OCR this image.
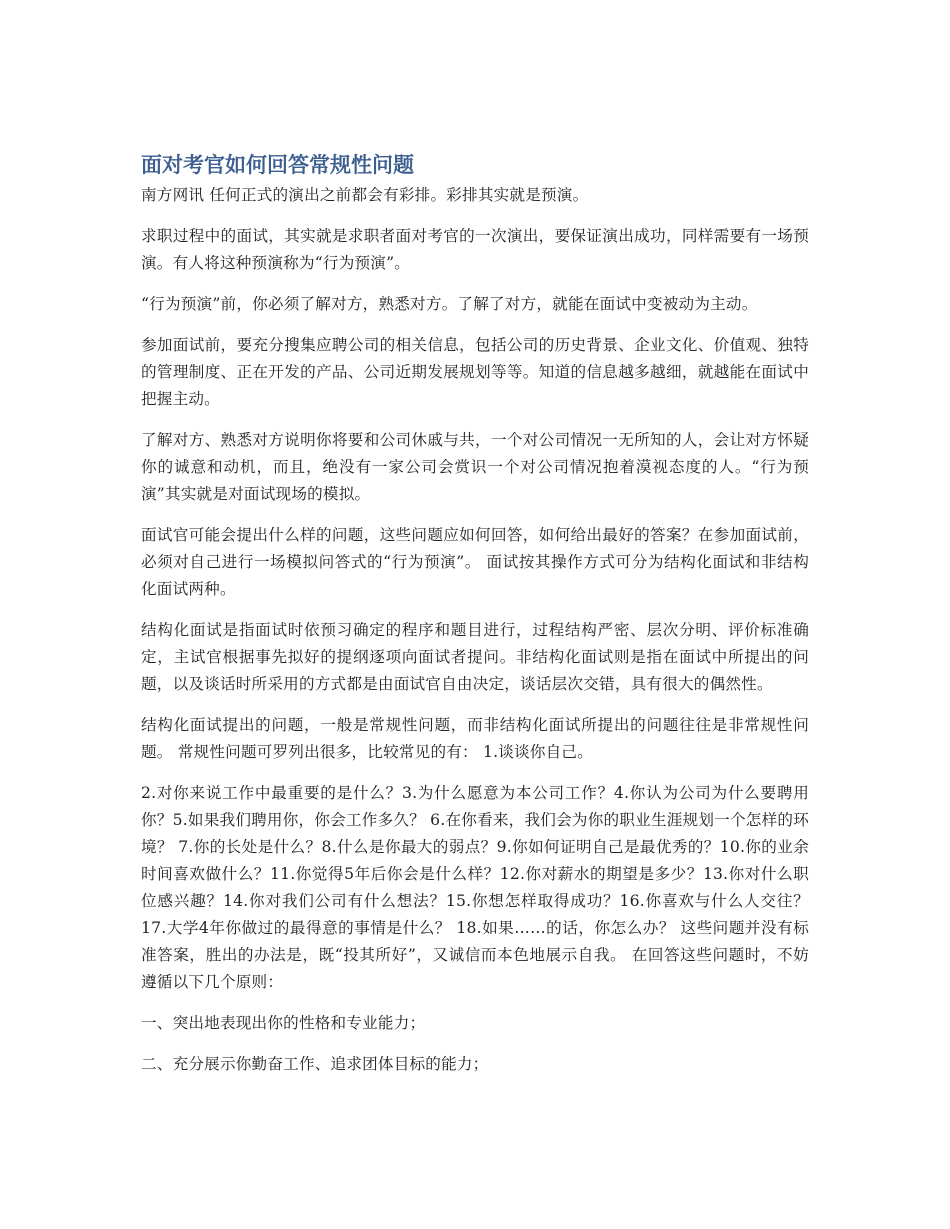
面对考官如何回答常规性问题

南方网讯 任何正式的演出之前都会有彩排。彩排其实就是预演。

求职过程中的面试，其实就是求职者面对考官的一次演出，要保证演出成功，同样需要有一场预演。有人将这种预演称为“行为预演”。

“行为预演”前，你必须了解对方，熟悉对方。了解了对方，就能在面试中变被动为主动。

参加面试前，要充分搜集应聘公司的相关信息，包括公司的历史背景、企业文化、价值观、独特的管理制度、正在开发的产品、公司近期发展规划等等。知道的信息越多越细，就越能在面试中把握主动。

了解对方、熟悉对方说明你将要和公司休戚与共，一个对公司情况一无所知的人，会让对方怀疑你的诚意和动机，而且，绝没有一家公司会赏识一个对公司情况抱着漠视态度的人。“行为预演”其实就是对面试现场的模拟。

面试官可能会提出什么样的问题，这些问题应如何回答，如何给出最好的答案？在参加面试前，必须对自己进行一场模拟问答式的“行为预演”。 面试按其操作方式可分为结构化面试和非结构化面试两种。

结构化面试是指面试时依预习确定的程序和题目进行，过程结构严密、层次分明、评价标准确定，主试官根据事先拟好的提纲逐项向面试者提问。非结构化面试则是指在面试中所提出的问题，以及谈话时所采用的方式都是由面试官自由决定，谈话层次交错，具有很大的偶然性。

结构化面试提出的问题，一般是常规性问题，而非结构化面试所提出的问题往往是非常规性问题。 常规性问题可罗列出很多，比较常见的有： 1.谈谈你自己。

2.对你来说工作中最重要的是什么？3.为什么愿意为本公司工作？4.你认为公司为什么要聘用你？5.如果我们聘用你，你会工作多久？ 6.在你看来，我们会为你的职业生涯规划一个怎样的环境？ 7.你的长处是什么？8.什么是你最大的弱点？9.你如何证明自己是最优秀的？10.你的业余时间喜欢做什么？11.你觉得5年后你会是什么样？12.你对薪水的期望是多少？13.你对什么职位感兴趣？14.你对我们公司有什么想法？15.你想怎样取得成功？16.你喜欢与什么人交往？ 17.大学4年你做过的最得意的事情是什么？ 18.如果……的话，你怎么办？ 这些问题并没有标准答案，胜出的办法是，既“投其所好”，又诚信而本色地展示自我。 在回答这些问题时，不妨遵循以下几个原则：

一、突出地表现出你的性格和专业能力；

二、充分展示你勤奋工作、追求团体目标的能力；
